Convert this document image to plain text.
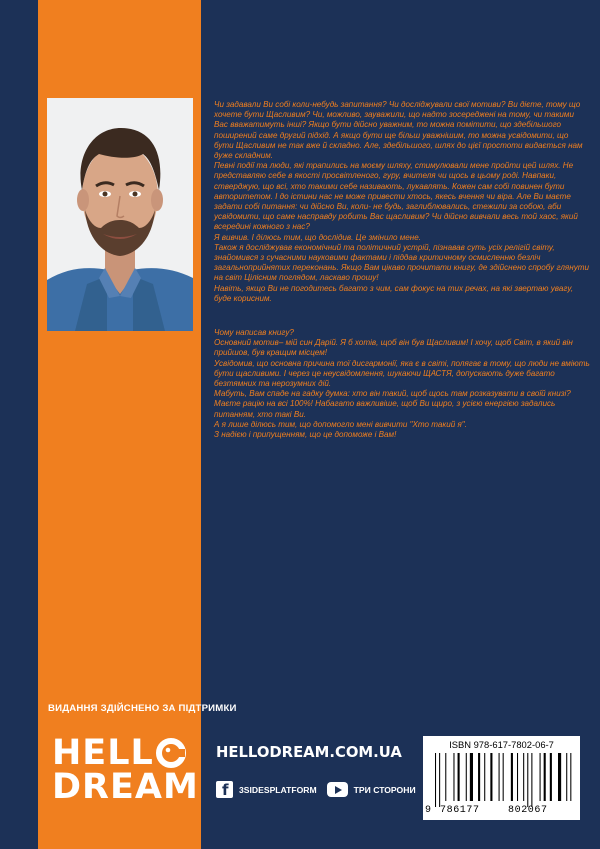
Чи задавали Ви собі коли-небудь запитання? Чи досліджували свої мотиви? Ви дієте, тому що хочете бути Щасливим? Чи, можливо, зауважили, що надто зосереджені на тому, чи такими Вас вважатимуть інші? Якщо бути дійсно уважним, то можна помітити, що здебільшого поширений саме другий підхід. А якщо бути ще більш уважнішим, то можна усвідомити, що бути Щасливим не так вже й складно. Але, здебільшого, шлях до цієї простоти видається нам дуже складним.

Певні події та люди, які трапились на моєму шляху, стимулювали мене пройти цей шлях. Не представляю себе в якості просвітленого, гуру, вчителя чи щось в цьому роді. Навпаки, стверджую, що всі, хто такими себе називають, лукавлять. Кожен сам собі повинен бути авторитетом. І до істини нас не може привести хтось, якесь вчення чи віра. Але Ви маєте задати собі питання: чи дійсно Ви, коли- не будь, заглиблювались, стежили за собою, аби усвідомити, що саме насправду робить Вас щасливим? Чи дійсно вивчали весь той хаос, який всередині кожного з нас?

Я вивчив. І ділюсь тим, що дослідив. Це змінило мене.

Також я досліджував економічний та політичний устрій, пізнавав суть усіх релігій світу, знайомився з сучасними науковими фактами і піддав критичному осмисленню безліч загальноприйнятих переконань. Якщо Вам цікаво прочитати книгу, де здійснено спробу глянути на світ Цілісним поглядом, ласкаво прошу!

Навіть, якщо Ви не погодитесь багато з чим, сам фокус на тих речах, на які звертаю увагу, буде корисним.

Чому написав книгу?

Основний мотив– мій син Дарій. Я б хотів, щоб він був Щасливим! І хочу, щоб Світ, в який він прийшов, був кращим місцем!

Усвідомив, що основна причина тої дисгармонії, яка є в світі, полягає в тому, що люди не вміють бути щасливими. І через це неусвідомлення, шукаючи ЩАСТЯ, допускають дуже багато безтямних та нерозумних дій.

Мабуть, Вам спаде на гадку думка: хто він такий, щоб щось там розказувати в своїй книзі? Маєте рацію на всі 100%! Набагато важливіше, щоб Ви щиро, з усією енергією задались питанням, хто такі Ви.

А я лише ділюсь тим, що допомогло мені вивчити "Хто такий я".

З надією і припущенням, що це допоможе і Вам!

ВИДАННЯ ЗДІЙСНЕНО ЗА ПІДТРИМКИ
HELL
DREAM
HELLODREAM.COM.UA
f 3SIDESPLATFORM	ТРИ СТОРОНИ
ISBN 978-617-7802-06-7
9 786177	802067
